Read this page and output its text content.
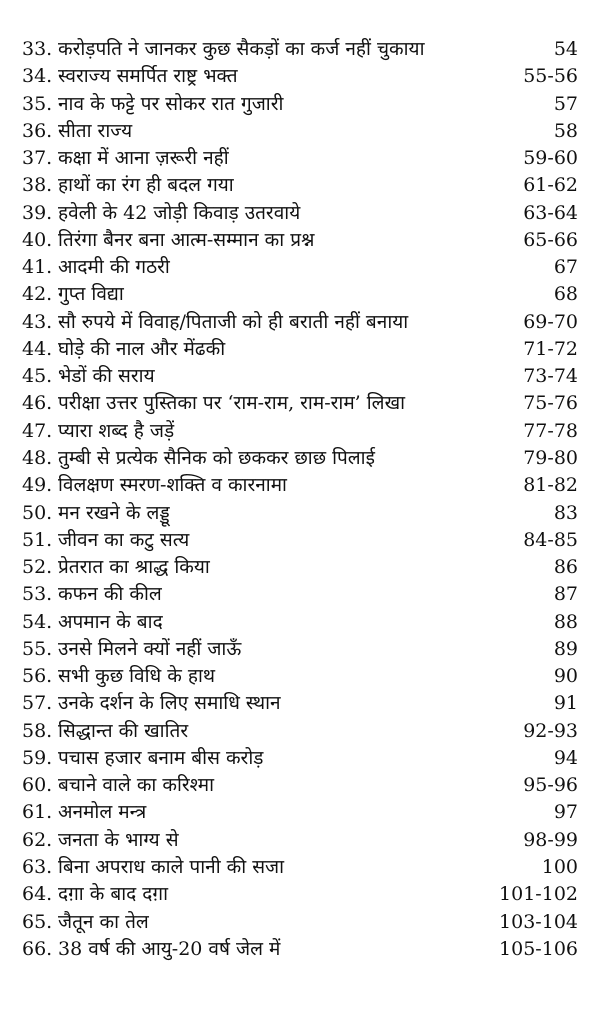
33. करोड़पति ने जानकर कुछ सैकड़ों का कर्ज नहीं चुकाया	54
34. स्वराज्य समर्पित राष्ट्र भक्त	55-56
35. नाव के फट्टे पर सोकर रात गुजारी	57
36. सीता राज्य	58
37. कक्षा में आना ज़रूरी नहीं	59-60
38. हाथों का रंग ही बदल गया	61-62
39. हवेली के 42 जोड़ी किवाड़ उतरवाये	63-64
40. तिरंगा बैनर बना आत्म-सम्मान का प्रश्न	65-66
41. आदमी की गठरी	67
42. गुप्त विद्या	68
43. सौ रुपये में विवाह/पिताजी को ही बराती नहीं बनाया	69-70
44. घोड़े की नाल और मेंढकी	71-72
45. भेडों की सराय	73-74
46. परीक्षा उत्तर पुस्तिका पर ‘राम-राम, राम-राम’ लिखा	75-76
47. प्यारा शब्द है जड़ें	77-78
48. तुम्बी से प्रत्येक सैनिक को छककर छाछ पिलाई	79-80
49. विलक्षण स्मरण-शक्ति व कारनामा	81-82
50. मन रखने के लड्डू	83
51. जीवन का कटु सत्य	84-85
52. प्रेतरात का श्राद्ध किया	86
53. कफन की कील	87
54. अपमान के बाद	88
55. उनसे मिलने क्यों नहीं जाऊँ	89
56. सभी कुछ विधि के हाथ	90
57. उनके दर्शन के लिए समाधि स्थान	91
58. सिद्धान्त की खातिर	92-93
59. पचास हजार बनाम बीस करोड़	94
60. बचाने वाले का करिश्मा	95-96
61. अनमोल मन्त्र	97
62. जनता के भाग्य से	98-99
63. बिना अपराध काले पानी की सजा	100
64. दग़ा के बाद दग़ा	101-102
65. जैतून का तेल	103-104
66. 38 वर्ष की आयु-20 वर्ष जेल में	105-106
